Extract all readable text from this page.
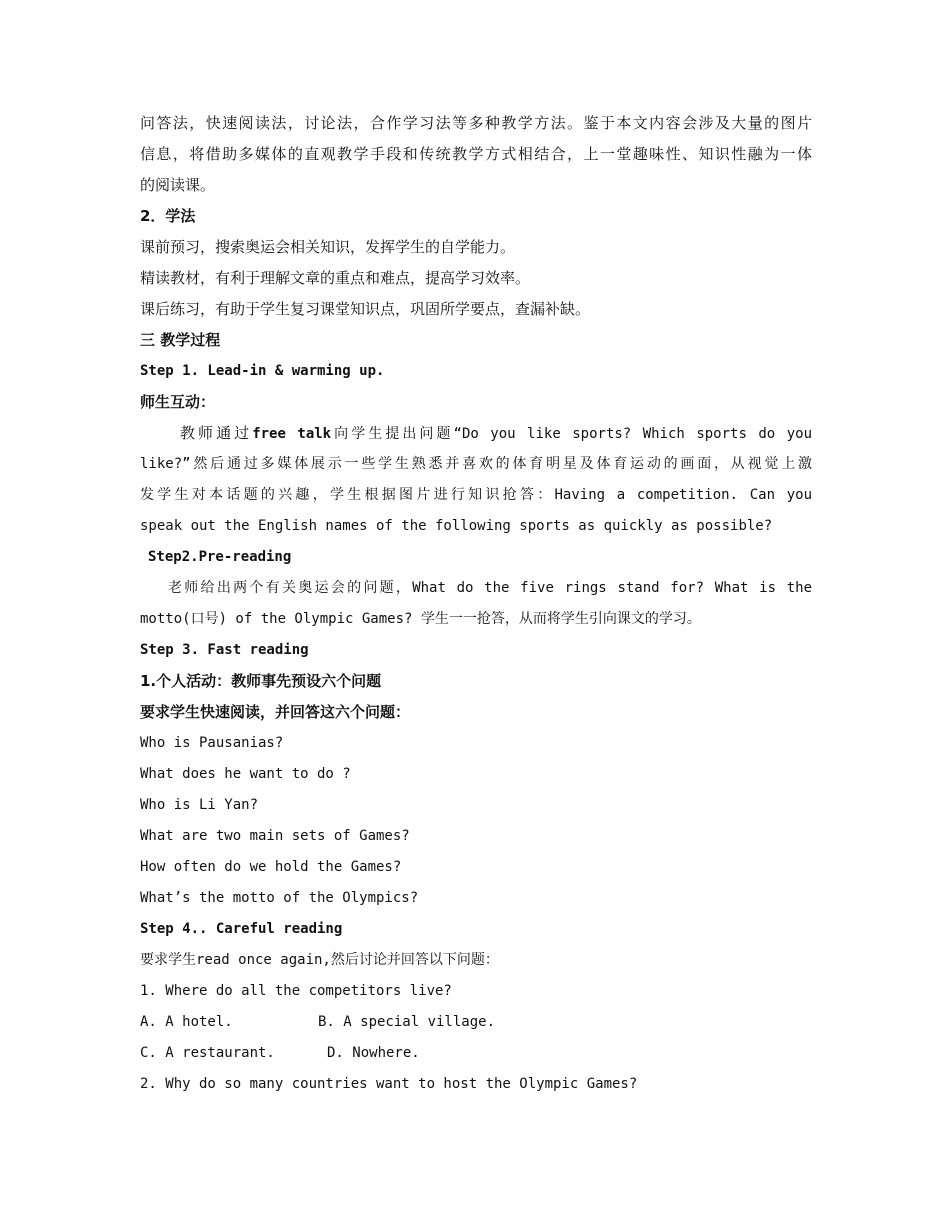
问答法，快速阅读法，讨论法，合作学习法等多种教学方法。鉴于本文内容会涉及大量的图片
信息，将借助多媒体的直观教学手段和传统教学方式相结合，上一堂趣味性、知识性融为一体
的阅读课。
2．学法
课前预习，搜索奥运会相关知识，发挥学生的自学能力。
精读教材，有利于理解文章的重点和难点，提高学习效率。
课后练习，有助于学生复习课堂知识点，巩固所学要点，查漏补缺。
三 教学过程
Step 1. Lead-in & warming up.
师生互动：
教师通过free talk向学生提出问题“Do you like sports? Which sports do you
like?”然后通过多媒体展示一些学生熟悉并喜欢的体育明星及体育运动的画面，从视觉上激
发学生对本话题的兴趣，学生根据图片进行知识抢答：Having a competition. Can you
speak out the English names of the following sports as quickly as possible?
Step2.Pre-reading
老师给出两个有关奥运会的问题，What do the five rings stand for? What is the
motto(口号) of the Olympic Games? 学生一一抢答，从而将学生引向课文的学习。
Step 3. Fast reading
1.个人活动：教师事先预设六个问题
要求学生快速阅读，并回答这六个问题：
Who is Pausanias?
What does he want to do ?
Who is Li Yan?
What are two main sets of Games?
How often do we hold the Games?
What’s the motto of the Olympics?
Step 4.. Careful reading
要求学生read once again,然后讨论并回答以下问题：
1. Where do all the competitors live?
A. A hotel.	B. A special village.
C. A restaurant.	D. Nowhere.
2. Why do so many countries want to host the Olympic Games?
